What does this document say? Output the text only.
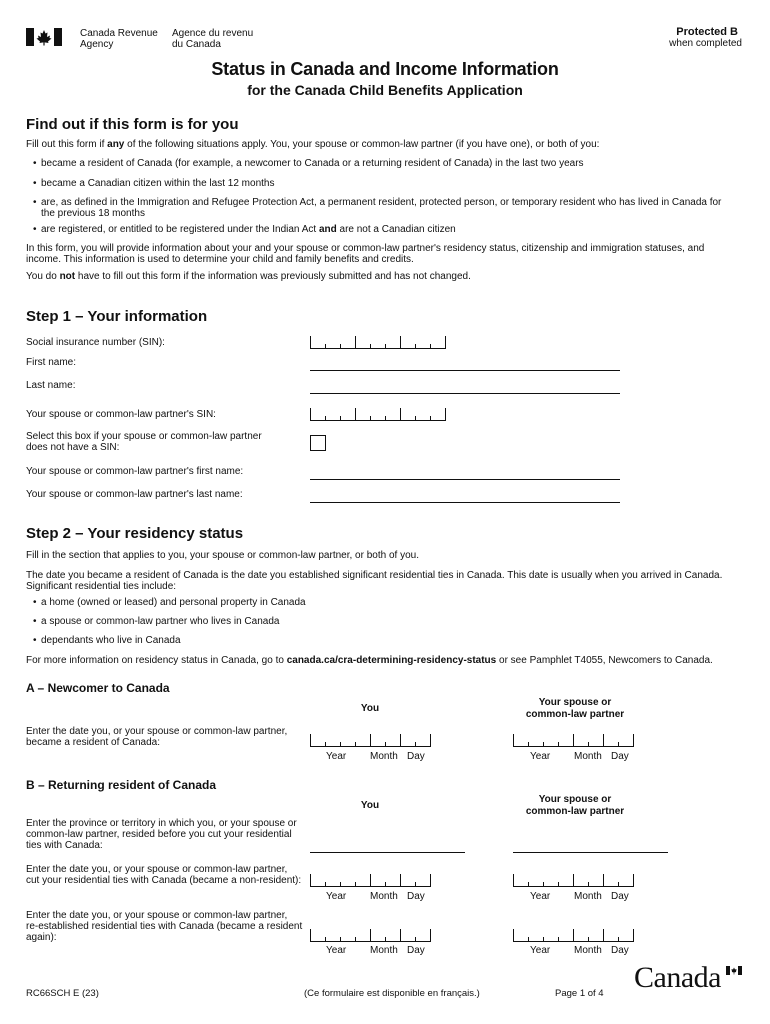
Canada Revenue
Agency
Agence du revenu
du Canada
Protected B
when completed
Status in Canada and Income Information
for the Canada Child Benefits Application
Find out if this form is for you
Fill out this form if any of the following situations apply. You, your spouse or common-law partner (if you have one), or both of you:
• became a resident of Canada (for example, a newcomer to Canada or a returning resident of Canada) in the last two years
• became a Canadian citizen within the last 12 months
• are, as defined in the Immigration and Refugee Protection Act, a permanent resident, protected person, or temporary resident who has lived in Canada for
the previous 18 months
• are registered, or entitled to be registered under the Indian Act and are not a Canadian citizen
In this form, you will provide information about your and your spouse or common-law partner's residency status, citizenship and immigration statuses, and
income. This information is used to determine your child and family benefits and credits.
You do not have to fill out this form if the information was previously submitted and has not changed.
Step 1 – Your information
Social insurance number (SIN):
First name:
Last name:
Your spouse or common-law partner's SIN:
Select this box if your spouse or common-law partner
does not have a SIN:
Your spouse or common-law partner's first name:
Your spouse or common-law partner's last name:
Step 2 – Your residency status
Fill in the section that applies to you, your spouse or common-law partner, or both of you.
The date you became a resident of Canada is the date you established significant residential ties in Canada. This date is usually when you arrived in Canada.
Significant residential ties include:
• a home (owned or leased) and personal property in Canada
• a spouse or common-law partner who lives in Canada
• dependants who live in Canada
For more information on residency status in Canada, go to canada.ca/cra-determining-residency-status or see Pamphlet T4055, Newcomers to Canada.
A – Newcomer to Canada
You
Your spouse or
common-law partner
Enter the date you, or your spouse or common-law partner,
became a resident of Canada:
Year Month Day	Year Month Day
B – Returning resident of Canada
You
Your spouse or
common-law partner
Enter the province or territory in which you, or your spouse or
common-law partner, resided before you cut your residential
ties with Canada:
Enter the date you, or your spouse or common-law partner,
cut your residential ties with Canada (became a non-resident):
Year Month Day	Year Month Day
Enter the date you, or your spouse or common-law partner,
re-established residential ties with Canada (became a resident
again):
Year Month Day	Year Month Day
RC66SCH E (23)	(Ce formulaire est disponible en français.)	Page 1 of 4 Canada
